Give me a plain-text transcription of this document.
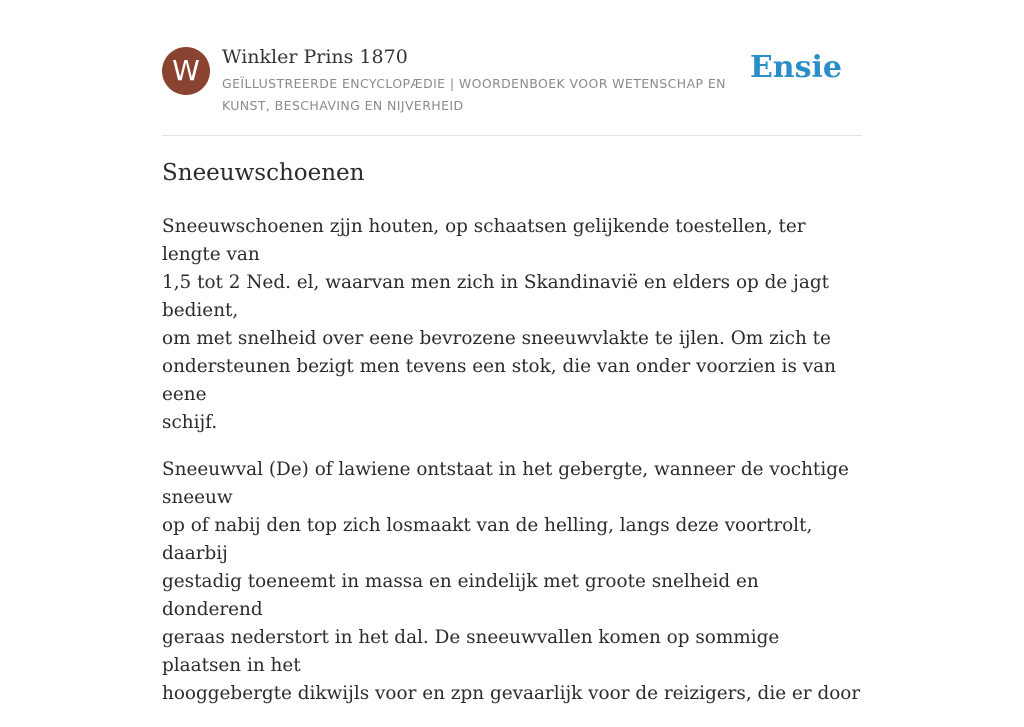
W	Winkler Prins 1870
GEÏLLUSTREERDE ENCYCLOPÆDIE | WOORDENBOEK VOOR WETENSCHAP EN KUNST, BESCHAVING EN NIJVERHEID
Ensie
Sneeuwschoenen

Sneeuwschoenen zjjn houten, op schaatsen gelijkende toestellen, ter lengte van
1,5 tot 2 Ned. el, waarvan men zich in Skandinavië en elders op de jagt bedient,
om met snelheid over eene bevrozene sneeuwvlakte te ijlen. Om zich te
ondersteunen bezigt men tevens een stok, die van onder voorzien is van eene
schijf.

Sneeuwval (De) of lawiene ontstaat in het gebergte, wanneer de vochtige sneeuw
op of nabij den top zich losmaakt van de helling, langs deze voortrolt, daarbij
gestadig toeneemt in massa en eindelijk met groote snelheid en donderend
geraas nederstort in het dal. De sneeuwvallen komen op sommige plaatsen in het
hooggebergte dikwijls voor en zpn gevaarlijk voor de reizigers, die er door
